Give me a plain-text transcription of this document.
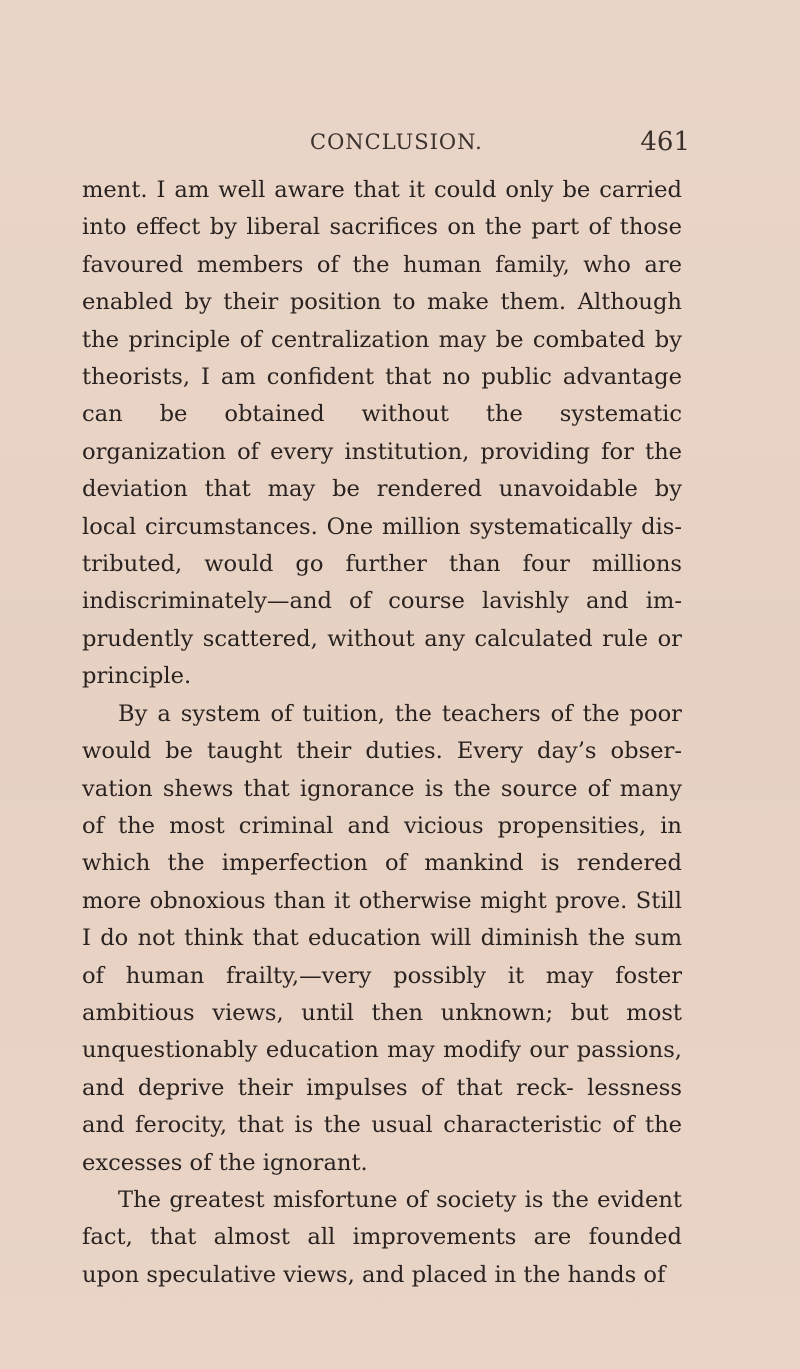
CONCLUSION.	461

ment. I am well aware that it could only be carried into effect by liberal sacrifices on the part of those favoured members of the human family, who are enabled by their position to make them. Although the principle of centralization may be combated by theorists, I am confident that no public advantage can be obtained without the systematic organization of every institution, providing for the deviation that may be rendered unavoidable by local circumstances. One million systematically dis- tributed, would go further than four millions indiscriminately—and of course lavishly and im- prudently scattered, without any calculated rule or principle.

By a system of tuition, the teachers of the poor would be taught their duties. Every day’s obser- vation shews that ignorance is the source of many of the most criminal and vicious propensities, in which the imperfection of mankind is rendered more obnoxious than it otherwise might prove. Still I do not think that education will diminish the sum of human frailty,—very possibly it may foster ambitious views, until then unknown; but most unquestionably education may modify our passions, and deprive their impulses of that reck- lessness and ferocity, that is the usual characteristic of the excesses of the ignorant.

The greatest misfortune of society is the evident fact, that almost all improvements are founded upon speculative views, and placed in the hands of
